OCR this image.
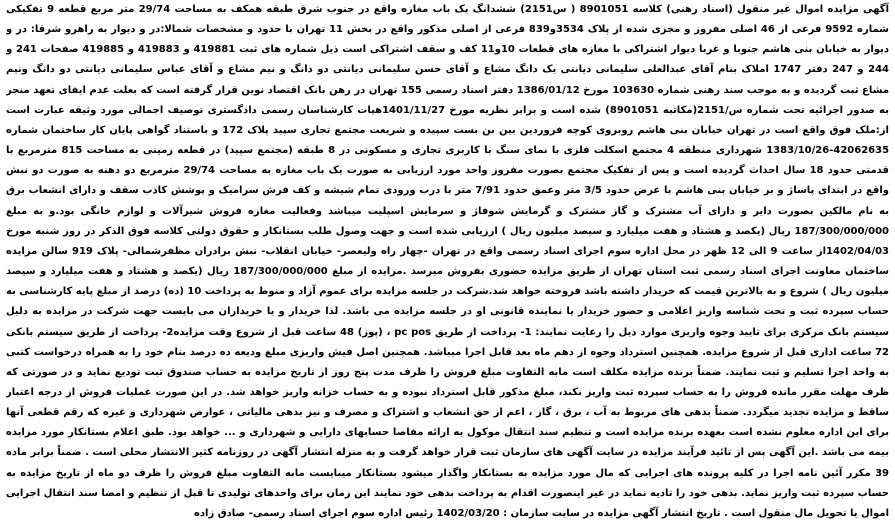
آگهی مزایده اموال غیر منقول (اسناد رهنی) کلاسه 8901051 ( س2151) ششدانگ یک باب مغازه واقع در جنوب شرق طبقه همکف به مساحت 29/74 متر مربع قطعه 9 تفکیکی شماره 9592 فرعی از 46 اصلی مفروز و مجزی شده از پلاک 3534و839 فرعی از اصلی مذکور واقع در بخش 11 تهران با حدود و مشخصات شمالا:در و دیوار به راهرو شرقا: در و دیوار به خیابان بنی هاشم جنوبا و غربا دیوار اشتراکی با مغازه های قطعات 10و11 کف و سقف اشتراکی است ذیل شماره های ثبت 419881 و 419883 و 419885 صفحات 241 و 244 و 247 دفتر 1747 املاک بنام آقای عبدالعلی سلیمانی دیانتی یک دانگ مشاع و آقای حسن سلیمانی دیانتی دو دانگ و نیم مشاع و آقای عباس سلیمانی دیانتی دو دانگ ونیم مشاع ثبت گردیده و به موجب سند رهنی شماره 103630 مورخ 1386/01/12 دفتر اسناد رسمی 155 تهران در رهن بانک اقتصاد نوین قرار گرفته است که بعلت عدم ایفای تعهد منجر به صدور اجرائیه تحت شماره س/2151(مکاتبه 8901051) شده است و برابر نظریه مورخ 1401/11/27هیات کارشناسان رسمی دادگستری توصیف اجمالی مورد وثیقه عبارت است از:ملک فوق واقع است در تهران خیابان بنی هاشم روبروی کوچه فروردین بین بن بست سپیده و شریعت مجتمع تجاری سپید پلاک 172 و باستناد گواهی پایان کار ساختمان شماره 42062635-1383/10/26 شهرداری منطقه 4 مجتمع اسکلت فلزی با نمای سنگ با کاربری تجاری و مسکونی در 8 طبقه (مجتمع سپید) در قطعه زمینی به مساحت 815 مترمربع با قدمتی حدود 18 سال احداث گردیده است و پس از تفکیک مجتمع بصورت مفروز واحد مورد ارزیابی به صورت یک باب مغازه به مساحت 29/74 مترمربع دو دهنه به صورت دو نبش واقع در ابتدای پاساژ و بر خیابان بنی هاشم با عرض حدود 3/5 متر وعمق حدود 7/91 متر با درب ورودی تمام شیشه و کف فرش سرامیک و پوشش کاذب سقف و دارای انشعاب برق به نام مالکین بصورت دایر و دارای آب مشترک و گاز مشترک و گرمایش شوفاژ و سرمایش اسپلیت میباشد وفعالیت مغازه فروش شیرآلات و لوازم خانگی بود.و به مبلغ 187/300/000/000 ریال (یکصد و هشتاد و هفت میلیارد و سیصد میلیون ریال ) ارزیابی شده است و جهت وصول طلب بستانکار و حقوق دولتی کلاسه فوق الذکر در روز شنبه مورخ 1402/04/03از ساعت 9 الی 12 ظهر در محل اداره سوم اجرای اسناد رسمی واقع در تهران -چهار راه ولیعصر- خیابان انقلاب- نبش برادران مظفرشمالی- پلاک 919 سالن مزایده ساختمان معاونت اجرای اسناد رسمی ثبت استان تهران از طریق مزایده حضوری بفروش میرسد .مزایده از مبلغ 187/300/000/000 ریال (یکصد و هشتاد و هفت میلیارد و سیصد میلیون ریال ) شروع و به بالاترین قیمت که خریدار داشته باشد فروخته خواهد شد.شرکت در جلسه مزایده برای عموم آزاد و منوط به پرداخت 10 (ده) درصد از مبلغ پایه کارشناسی به حساب سپرده ثبت و تحت شناسه واریز اعلامی و حضور خریدار یا نماینده قانونی او در جلسه مزایده می باشد. لذا خریدار و یا خریداران می بایست جهت شرکت در مزایده به دلیل سیستم بانک مرکزی برای تایید وجوه واریزی موارد ذیل را رعایت نمایند: 1- پرداخت از طریق pc pos ، (پوز) 48 ساعت قبل از شروع وقت مزایده2- پرداخت از طریق سیستم بانکی 72 ساعت اداری قبل از شروع مزایده. همچنین استرداد وجوه از دهم ماه بعد قابل اجرا میباشد. همچنین اصل فیش واریزی مبلغ ودیعه ده درصد بنام خود را به همراه درخواست کتبی به واحد اجرا تسلیم و ثبت نمایند. ضمناً برنده مزایده مکلف است مابه التفاوت مبلغ فروش را ظرف مدت پنج روز از تاریخ مزایده به حساب صندوق ثبت تودیع نماید و در صورتی که ظرف مهلت مقرر مانده فروش را به حساب سپرده ثبت واریز نکند، مبلغ مذکور قابل استرداد نبوده و به حساب خزانه واریز خواهد شد. در این صورت عملیات فروش از درجه اعتبار ساقط و مزایده تجدید میگردد. ضمناً بدهی های مربوط به آب ، برق ، گاز ، اعم از حق انشعاب و اشتراک و مصرف و نیز بدهی مالیاتی ، عوارض شهرداری و غیره که رقم قطعی آنها برای این اداره معلوم نشده است بعهده برنده مزایده است و تنظیم سند انتقال موکول به ارائه مفاصا حسابهای دارایی و شهرداری و ... خواهد بود. طبق اعلام بستانکار مورد مزایده بیمه می باشد .این آگهی پس از تائید فرآیند مزایده در سایت آگهی های سازمان ثبت قرار خواهد گرفت و به منزله انتشار آگهی در روزنامه کثیر الانتشار محلی است . ضمناً برابر ماده 39 مکرر آئین نامه اجرا در کلیه پرونده های اجرایی که مال مورد مزایده به بستانکار واگذار میشود بستانکار میبایست مابه التفاوت مبلغ فروش را ظرف دو ماه از تاریخ مزایده به حساب سپرده ثبت واریز نماید. بدهی خود را تادیه نماید در غیر اینصورت اقدام به پرداخت بدهی خود نمایند این زمان برای واحدهای تولیدی تا قبل از تنظیم و امضا سند انتقال اجرایی اموال یا تحویل مال منقول است . تاریخ انتشار آگهی مزایده در سایت سازمان : 1402/03/20 رئیس اداره سوم اجرای اسناد رسمی- صادق زاده
